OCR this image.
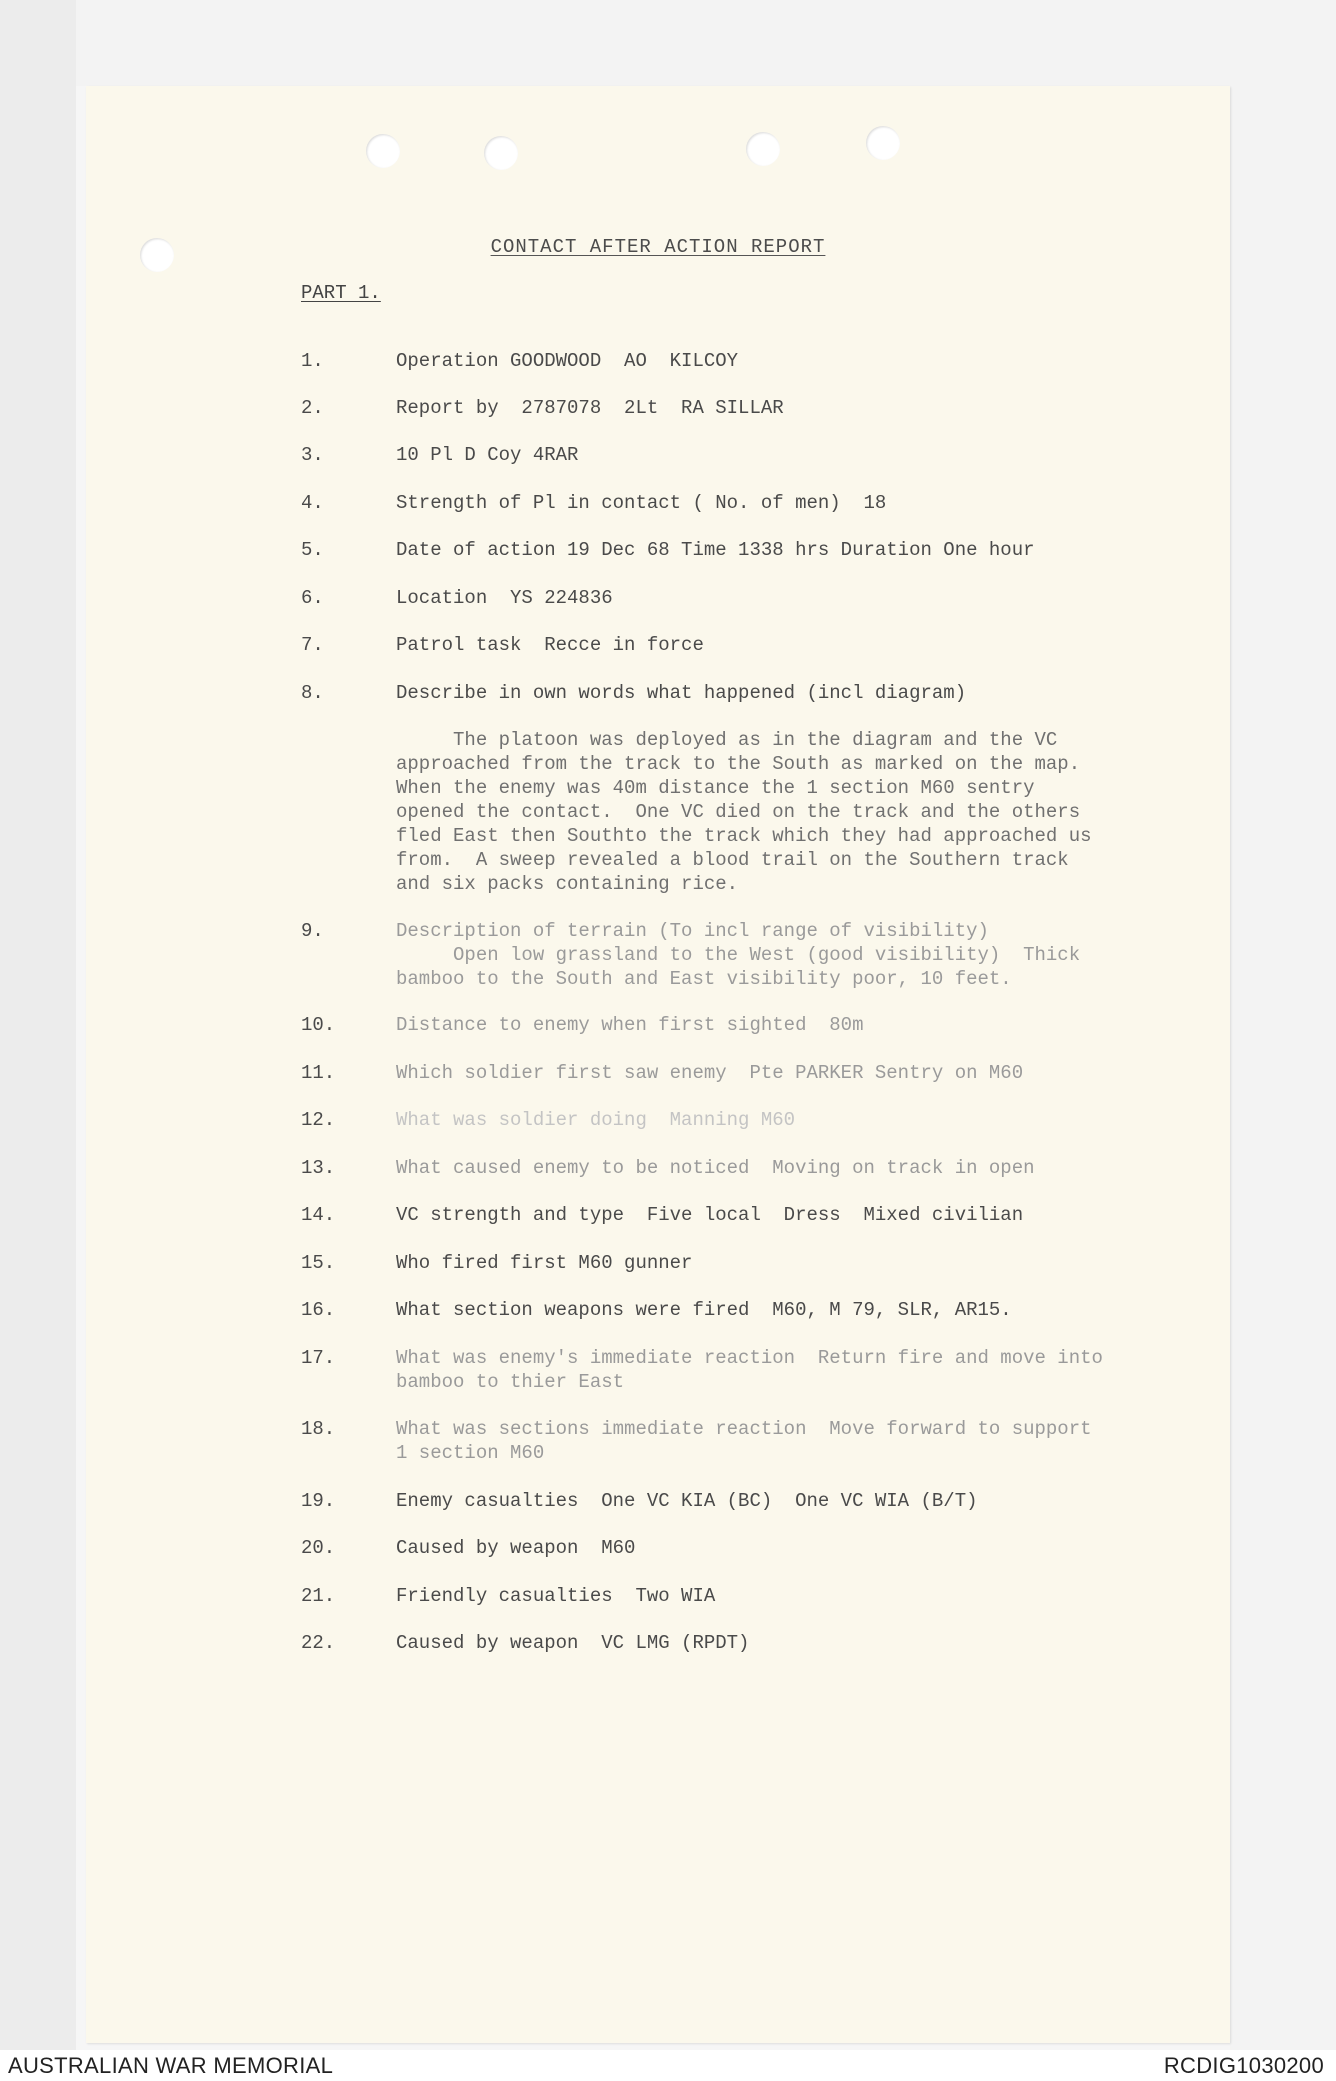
CONTACT AFTER ACTION REPORT
PART 1.
1.	Operation GOODWOOD  AO  KILCOY
2.	Report by  2787078  2Lt  RA SILLAR
3.	10 Pl D Coy 4RAR
4.	Strength of Pl in contact ( No. of men)  18
5.	Date of action 19 Dec 68 Time 1338 hrs Duration One hour
6.	Location  YS 224836
7.	Patrol task  Recce in force
8.	Describe in own words what happened (incl diagram)
The platoon was deployed as in the diagram and the VC
approached from the track to the South as marked on the map.
When the enemy was 40m distance the 1 section M60 sentry
opened the contact.  One VC died on the track and the others
fled East then Southto the track which they had approached us
from.  A sweep revealed a blood trail on the Southern track
and six packs containing rice.
9.	Description of terrain (To incl range of visibility)
Open low grassland to the West (good visibility)  Thick
bamboo to the South and East visibility poor, 10 feet.
10.	Distance to enemy when first sighted  80m
11.	Which soldier first saw enemy  Pte PARKER Sentry on M60
12.	What was soldier doing  Manning M60
13.	What caused enemy to be noticed  Moving on track in open
14.	VC strength and type  Five local  Dress  Mixed civilian
15.	Who fired first M60 gunner
16.	What section weapons were fired  M60, M 79, SLR, AR15.
17.	What was enemy's immediate reaction  Return fire and move into
bamboo to thier East
18.	What was sections immediate reaction  Move forward to support
1 section M60
19.	Enemy casualties  One VC KIA (BC)  One VC WIA (B/T)
20.	Caused by weapon  M60
21.	Friendly casualties  Two WIA
22.	Caused by weapon  VC LMG (RPDT)
AUSTRALIAN WAR MEMORIAL	RCDIG1030200
